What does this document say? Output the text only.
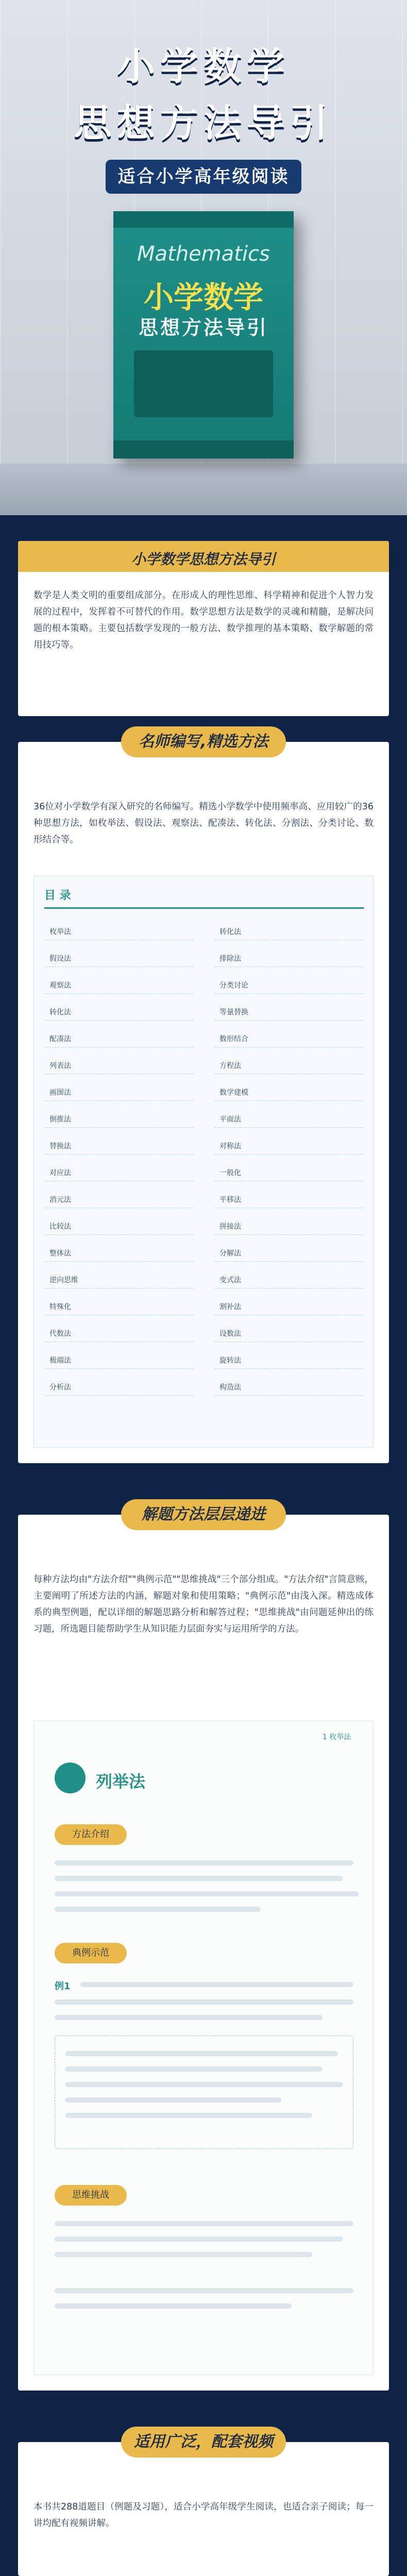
小学数学
思想方法导引
适合小学高年级阅读
Mathematics
小学数学
思想方法导引
小学数学思想方法导引
数学是人类文明的重要组成部分。在形成人的理性思维、科学精神和促进个人智力发展的过程中，发挥着不可替代的作用。数学思想方法是数学的灵魂和精髓，是解决问题的根本策略。主要包括数学发现的一般方法、数学推理的基本策略、数学解题的常用技巧等。
36位对小学数学有深入研究的名师编写。精选小学数学中使用频率高、应用较广的36种思想方法，如枚举法、假设法、观察法、配凑法、转化法、分割法、分类讨论、数形结合等。
目 录
枚举法
假设法
观察法
转化法
配凑法
列表法
画图法
倒推法
替换法
对应法
消元法
比较法
整体法
逆向思维
特殊化
代数法
极端法
分析法
转化法
排除法
分类讨论
等量替换
数形结合
方程法
数学建模
平面法
对称法
一般化
平移法
拼接法
分解法
变式法
割补法
设数法
旋转法
构造法
名师编写,精选方法
每种方法均由"方法介绍""典例示范""思维挑战"三个部分组成。"方法介绍"言简意赅，主要阐明了所述方法的内涵，解题对象和使用策略；"典例示范"由浅入深。精选成体系的典型例题，配以详细的解题思路分析和解答过程；"思维挑战"由问题延伸出的练习题，所选题目能帮助学生从知识能力层面夯实与运用所学的方法。
1 枚举法
列举法
方法介绍
典例示范
例1
思维挑战
解题方法层层递进
本书共288道题目（例题及习题），适合小学高年级学生阅读，也适合亲子阅读；每一讲均配有视频讲解。
适用广泛，配套视频
